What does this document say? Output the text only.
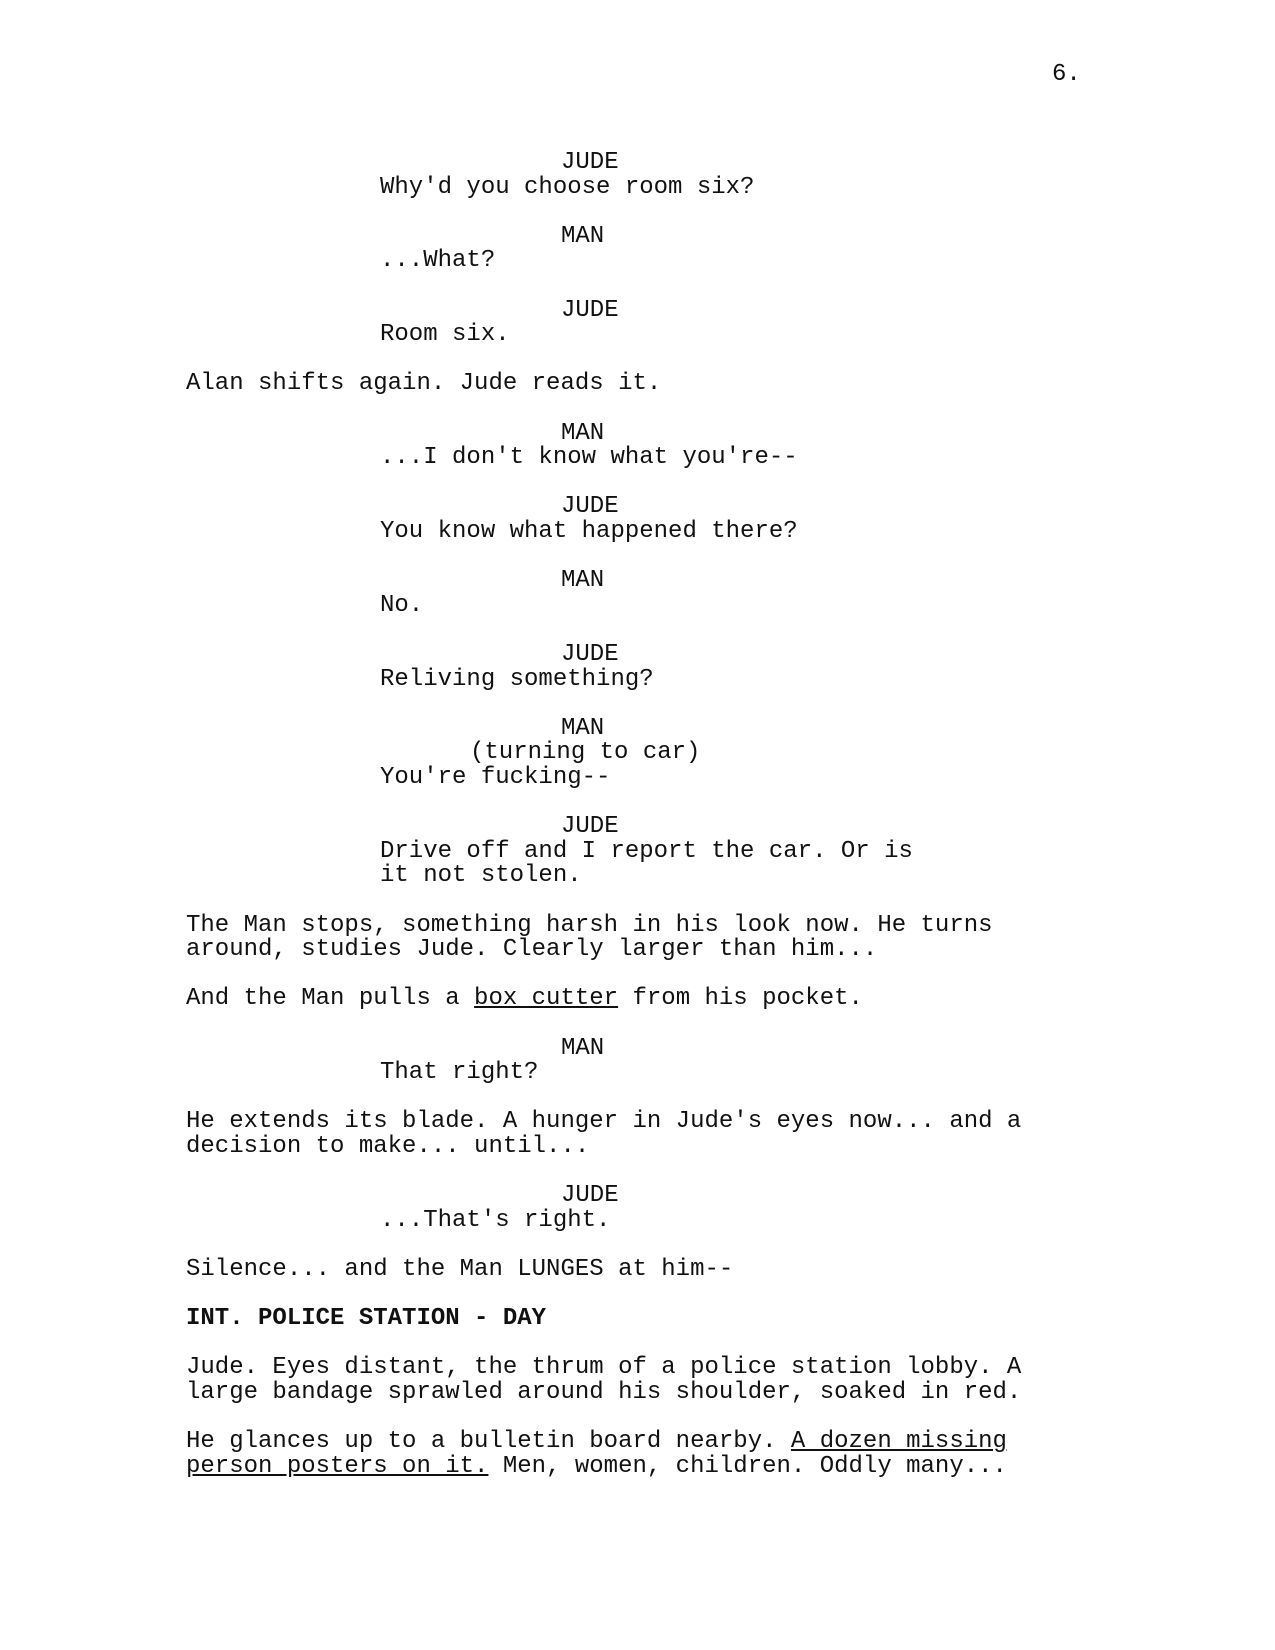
6.
JUDE
Why'd you choose room six?
MAN
...What?
JUDE
Room six.
Alan shifts again. Jude reads it.
MAN
...I don't know what you're--
JUDE
You know what happened there?
MAN
No.
JUDE
Reliving something?
MAN
(turning to car)
You're fucking--
JUDE
Drive off and I report the car. Or is
it not stolen.
The Man stops, something harsh in his look now. He turns
around, studies Jude. Clearly larger than him...
And the Man pulls a box cutter from his pocket.
MAN
That right?
He extends its blade. A hunger in Jude's eyes now... and a
decision to make... until...
JUDE
...That's right.
Silence... and the Man LUNGES at him--
INT. POLICE STATION - DAY
Jude. Eyes distant, the thrum of a police station lobby. A
large bandage sprawled around his shoulder, soaked in red.
He glances up to a bulletin board nearby. A dozen missing
person posters on it. Men, women, children. Oddly many...
